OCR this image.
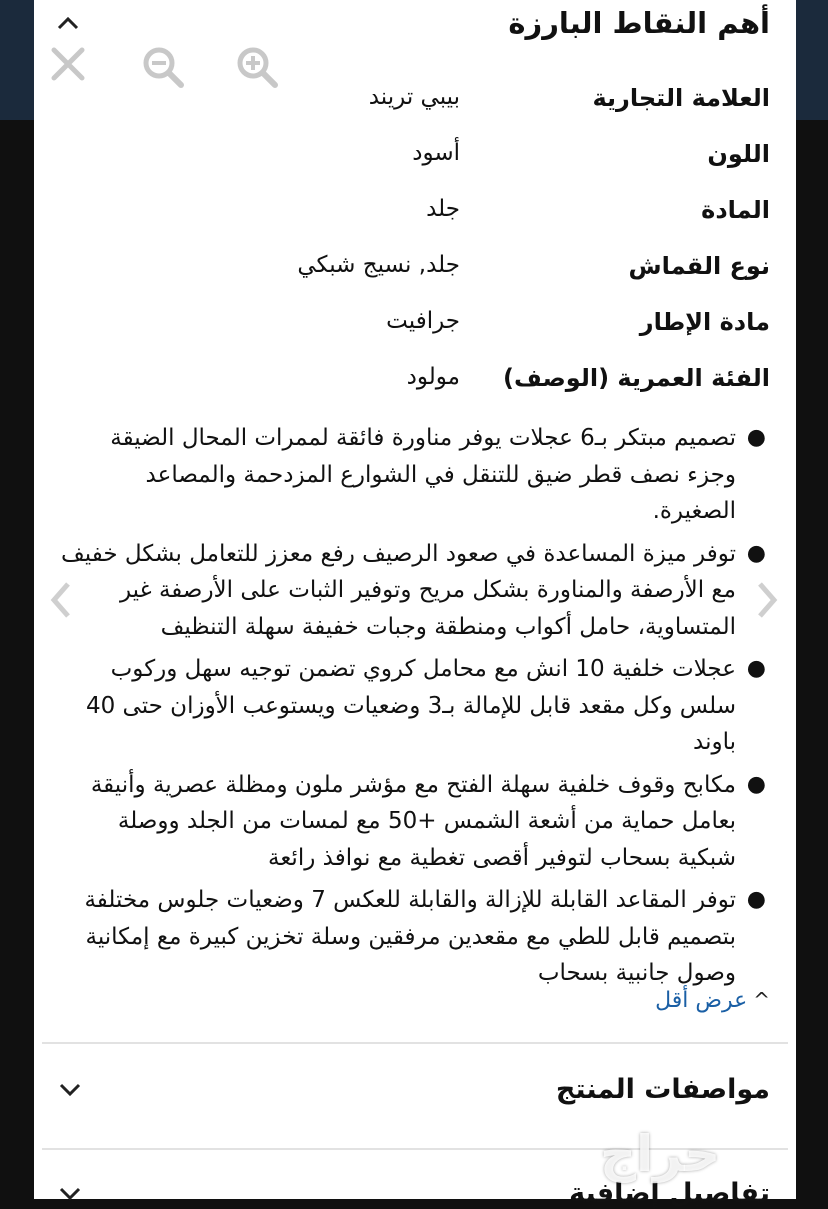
أهم النقاط البارزة
العلامة التجارية
بيبي تريند
اللون
أسود
المادة
جلد
نوع القماش
جلد, نسيج شبكي
مادة الإطار
جرافيت
الفئة العمرية (الوصف)
مولود
●
تصميم مبتكر بـ6 عجلات يوفر مناورة فائقة لممرات المحال الضيقة وجزء نصف قطر ضيق للتنقل في الشوارع المزدحمة والمصاعد الصغيرة.
●
توفر ميزة المساعدة في صعود الرصيف رفع معزز للتعامل بشكل خفيف مع الأرصفة والمناورة بشكل مريح وتوفير الثبات على الأرصفة غير المتساوية، حامل أكواب ومنطقة وجبات خفيفة سهلة التنظيف
●
عجلات خلفية 10 انش مع محامل كروي تضمن توجيه سهل وركوب سلس وكل مقعد قابل للإمالة بـ3 وضعيات ويستوعب الأوزان حتى 40 باوند
●
مكابح وقوف خلفية سهلة الفتح مع مؤشر ملون ومظلة عصرية وأنيقة بعامل حماية من أشعة الشمس +50 مع لمسات من الجلد ووصلة شبكية بسحاب لتوفير أقصى تغطية مع نوافذ رائعة
●
توفر المقاعد القابلة للإزالة والقابلة للعكس 7 وضعيات جلوس مختلفة بتصميم قابل للطي مع مقعدين مرفقين وسلة تخزين كبيرة مع إمكانية وصول جانبية بسحاب
^عرض أقل
مواصفات المنتج
تفاصيل إضافية
حراج
